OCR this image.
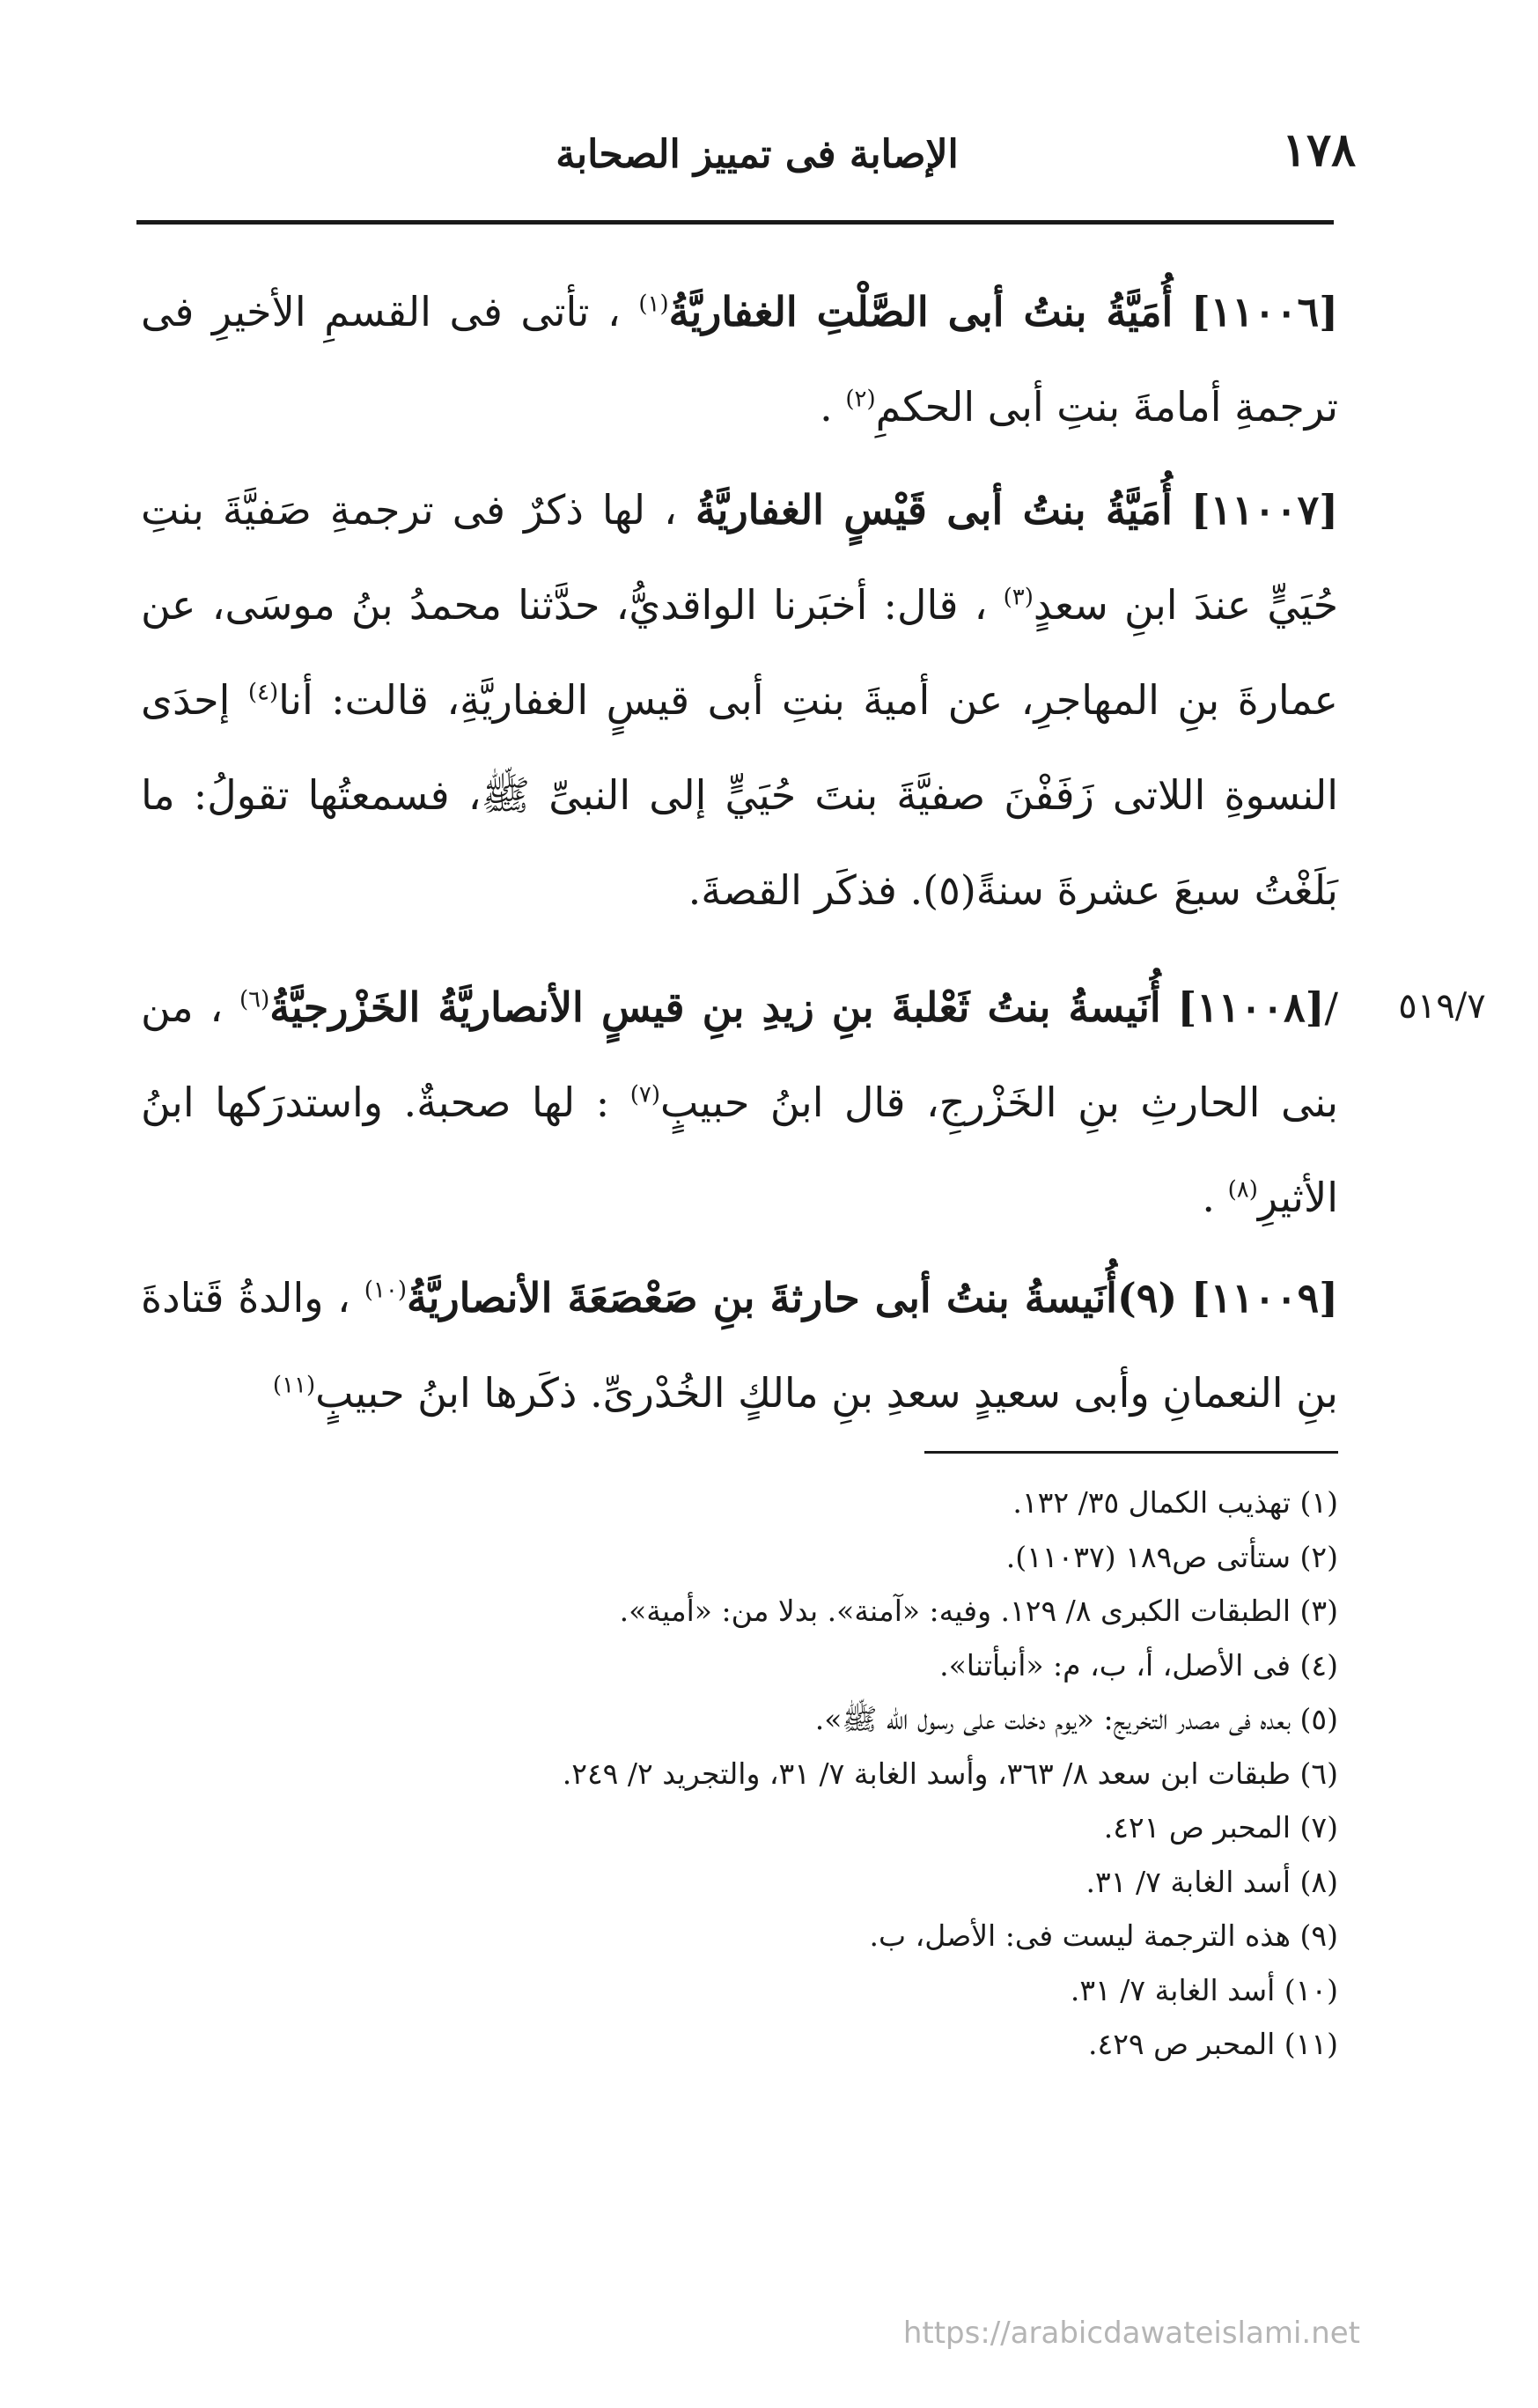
١٧٨
الإصابة فى تمييز الصحابة
٥١٩/٧

[١١٠٠٦] أُمَيَّةُ بنتُ أبى الصَّلْتِ الغفاريَّةُ$^{(١)}$ ، تأتى فى القسمِ الأخيرِ فى ترجمةِ أمامةَ بنتِ أبى الحكمِ$^{(٢)}$ .

[١١٠٠٧] أُمَيَّةُ بنتُ أبى قَيْسٍ الغفاريَّةُ ، لها ذكرٌ فى ترجمةِ صَفيَّةَ بنتِ حُيَيٍّ عندَ ابنِ سعدٍ$^{(٣)}$ ، قال: أخبَرنا الواقديُّ، حدَّثنا محمدُ بنُ موسَى، عن عمارةَ بنِ المهاجرِ، عن أميةَ بنتِ أبى قيسٍ الغفاريَّةِ، قالت: أنا$^{(٤)}$ إحدَى النسوةِ اللاتى زَفَفْنَ صفيَّةَ بنتَ حُيَيٍّ إلى النبىِّ ﷺ، فسمعتُها تقولُ: ما بَلَغْتُ سبعَ عشرةَ سنةً(٥). فذكَر القصةَ.

/[١١٠٠٨] أُنَيسةُ بنتُ ثَعْلبةَ بنِ زيدِ بنِ قيسٍ الأنصاريَّةُ الخَزْرجيَّةُ$^{(٦)}$ ، من بنى الحارثِ بنِ الخَزْرجِ، قال ابنُ حبيبٍ$^{(٧)}$ : لها صحبةٌ. واستدرَكها ابنُ الأثيرِ$^{(٨)}$ .

[١١٠٠٩] (٩)أُنَيسةُ بنتُ أبى حارثةَ بنِ صَعْصَعَةَ الأنصاريَّةُ$^{(١٠)}$ ، والدةُ قَتادةَ بنِ النعمانِ وأبى سعيدٍ سعدِ بنِ مالكٍ الخُدْرىِّ. ذكَرها ابنُ حبيبٍ$^{(١١)}$

(١) تهذيب الكمال ٣٥/ ١٣٢.
(٢) ستأتى ص١٨٩ (١١٠٣٧).
(٣) الطبقات الكبرى ٨/ ١٢٩. وفيه: «آمنة». بدلا من: «أمية».
(٤) فى الأصل، أ، ب، م: «أنبأتنا».
(٥) بعده فى مصدر التخريج: «يوم دخلت على رسول الله ﷺ».
(٦) طبقات ابن سعد ٨/ ٣٦٣، وأسد الغابة ٧/ ٣١، والتجريد ٢/ ٢٤٩.
(٧) المحبر ص ٤٢١.
(٨) أسد الغابة ٧/ ٣١.
(٩) هذه الترجمة ليست فى: الأصل، ب.
(١٠) أسد الغابة ٧/ ٣١.
(١١) المحبر ص ٤٢٩.
https://arabicdawateislami.net
